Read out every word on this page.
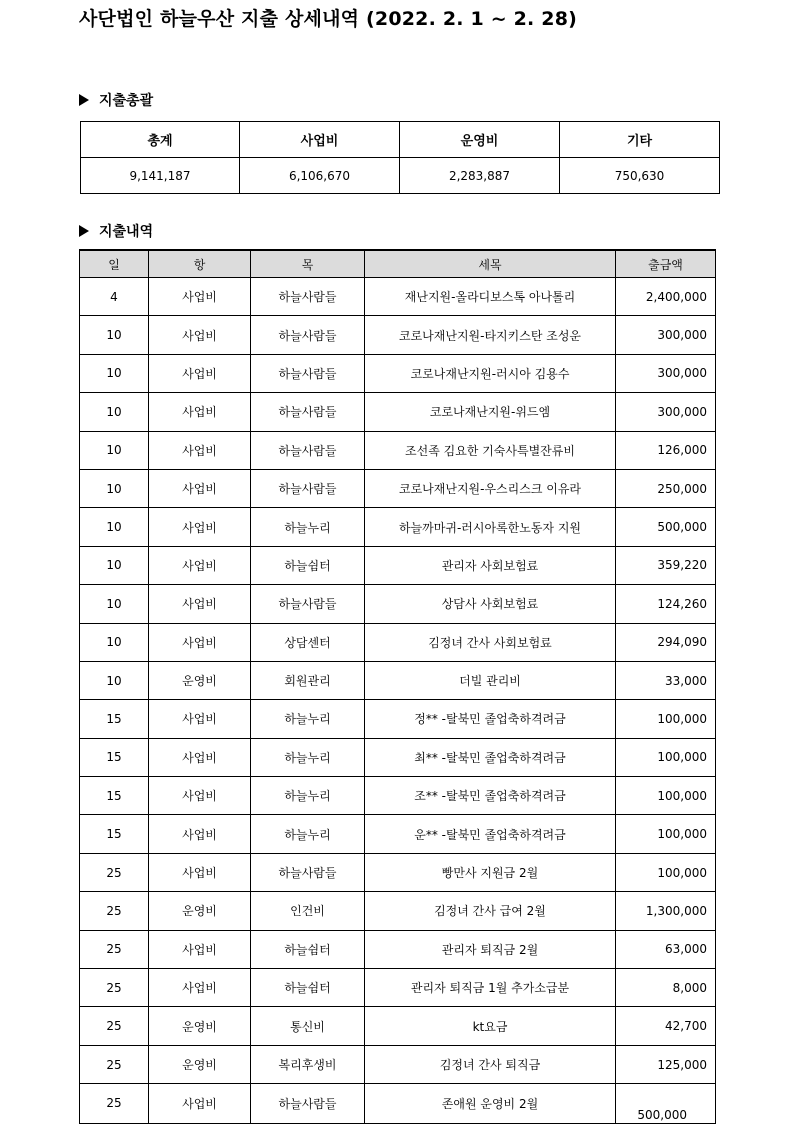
사단법인 하늘우산 지출 상세내역 (2022. 2. 1 ~ 2. 28)
지출총괄
총계	사업비	운영비	기타
9,141,187	6,106,670	2,283,887	750,630
지출내역
일	항	목	세목	출금액
4	사업비	하늘사람들	재난지원-올라디보스톡 아나톨리	2,400,000
10	사업비	하늘사람들	코로나재난지원-타지키스탄 조성운	300,000
10	사업비	하늘사람들	코로나재난지원-러시아 김용수	300,000
10	사업비	하늘사람들	코로나재난지원-위드엠	300,000
10	사업비	하늘사람들	조선족 김요한 기숙사특별잔류비	126,000
10	사업비	하늘사람들	코로나재난지원-우스리스크 이유라	250,000
10	사업비	하늘누리	하늘까마귀-러시아록한노동자 지원	500,000
10	사업비	하늘쉼터	관리자 사회보험료	359,220
10	사업비	하늘사람들	상담사 사회보험료	124,260
10	사업비	상담센터	김정녀 간사 사회보험료	294,090
10	운영비	회원관리	더빌 관리비	33,000
15	사업비	하늘누리	정** -탈북민 졸업축하격려금	100,000
15	사업비	하늘누리	최** -탈북민 졸업축하격려금	100,000
15	사업비	하늘누리	조** -탈북민 졸업축하격려금	100,000
15	사업비	하늘누리	운** -탈북민 졸업축하격려금	100,000
25	사업비	하늘사람들	빵만사 지원금 2월	100,000
25	운영비	인건비	김정녀 간사 급여 2월	1,300,000
25	사업비	하늘쉼터	관리자 퇴직금 2월	63,000
25	사업비	하늘쉼터	관리자 퇴직금 1월 추가소급분	8,000
25	운영비	통신비	kt요금	42,700
25	운영비	복리후생비	김정녀 간사 퇴직금	125,000
25	사업비	하늘사람들	존애원 운영비 2월	500,000
